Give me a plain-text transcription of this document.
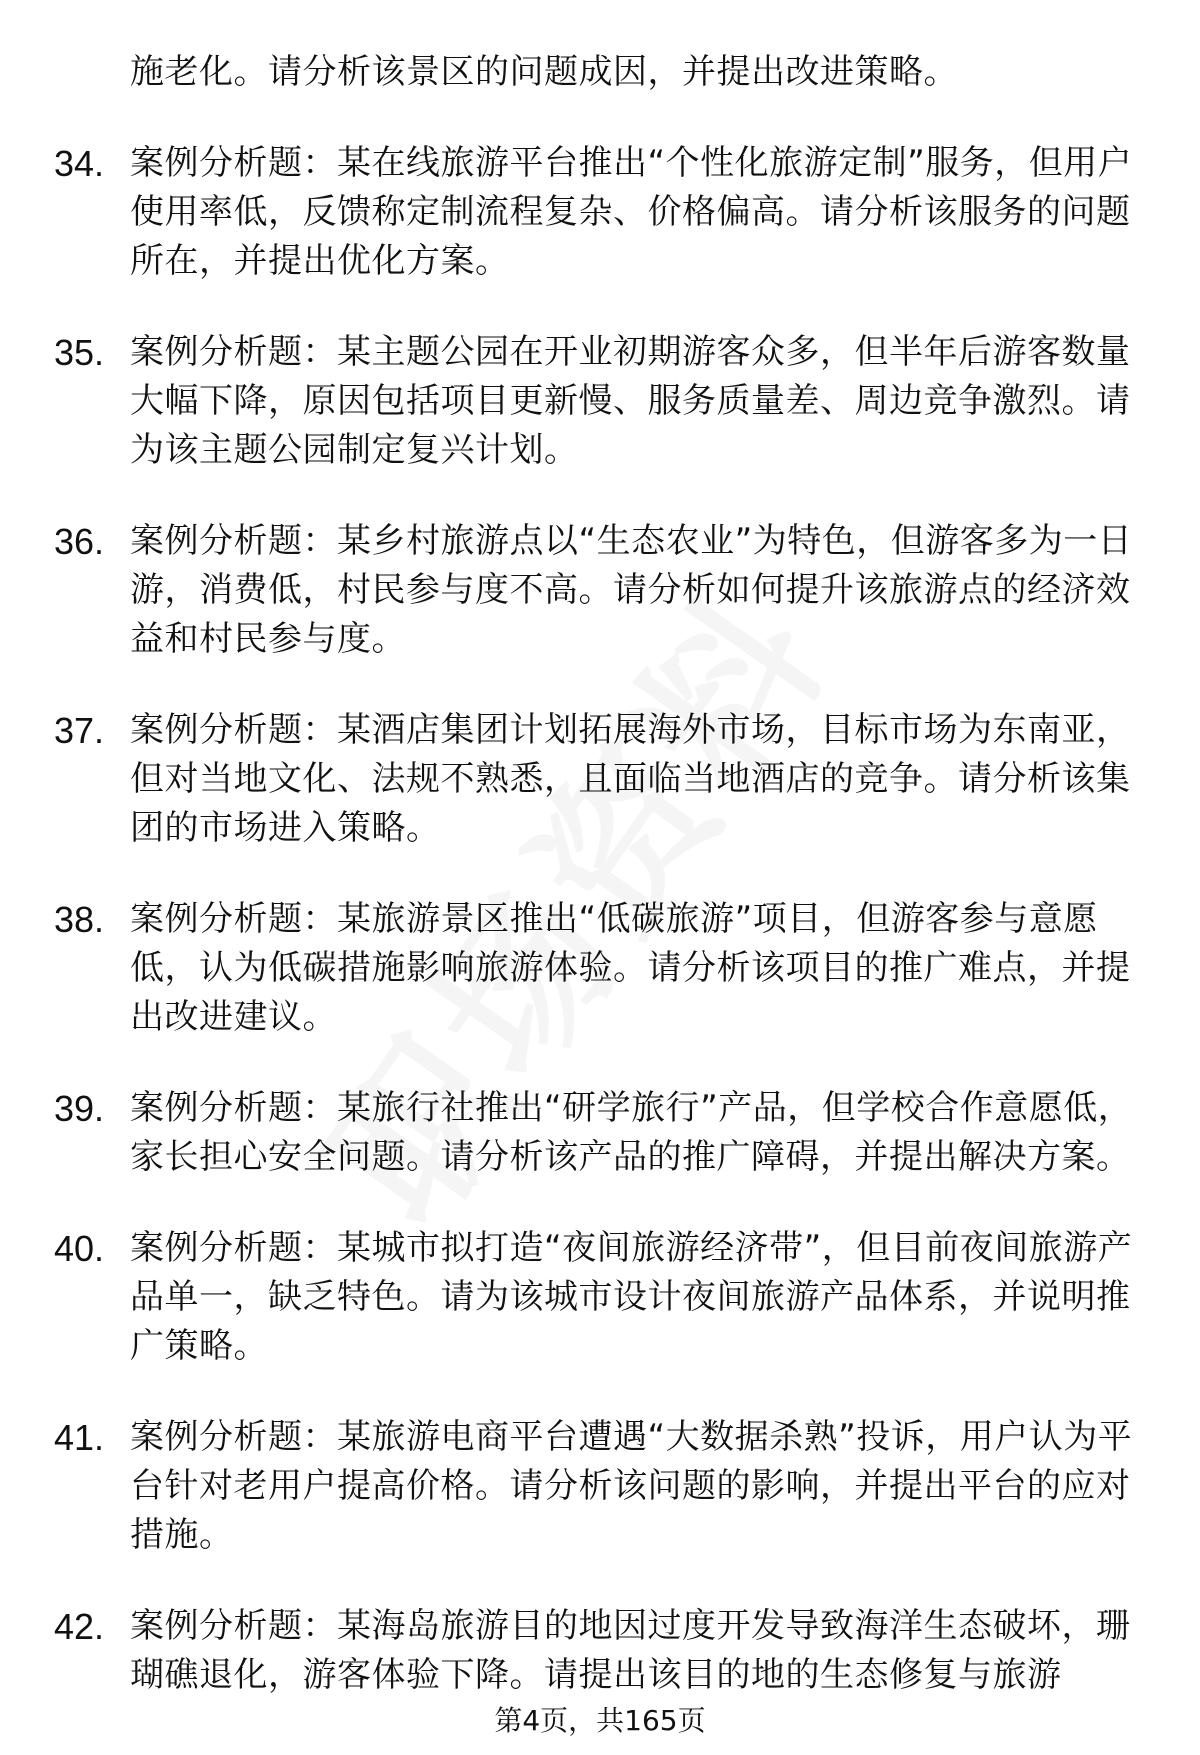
施老化。请分析该景区的问题成因，并提出改进策略。
34. 案例分析题：某在线旅游平台推出“个性化旅游定制”服务，但用户使用率低，反馈称定制流程复杂、价格偏高。请分析该服务的问题所在，并提出优化方案。
35. 案例分析题：某主题公园在开业初期游客众多，但半年后游客数量大幅下降，原因包括项目更新慢、服务质量差、周边竞争激烈。请为该主题公园制定复兴计划。
36. 案例分析题：某乡村旅游点以“生态农业”为特色，但游客多为一日游，消费低，村民参与度不高。请分析如何提升该旅游点的经济效益和村民参与度。
37. 案例分析题：某酒店集团计划拓展海外市场，目标市场为东南亚，但对当地文化、法规不熟悉，且面临当地酒店的竞争。请分析该集团的市场进入策略。
38. 案例分析题：某旅游景区推出“低碳旅游”项目，但游客参与意愿低，认为低碳措施影响旅游体验。请分析该项目的推广难点，并提出改进建议。
39. 案例分析题：某旅行社推出“研学旅行”产品，但学校合作意愿低，家长担心安全问题。请分析该产品的推广障碍，并提出解决方案。
40. 案例分析题：某城市拟打造“夜间旅游经济带”，但目前夜间旅游产品单一，缺乏特色。请为该城市设计夜间旅游产品体系，并说明推广策略。
41. 案例分析题：某旅游电商平台遭遇“大数据杀熟”投诉，用户认为平台针对老用户提高价格。请分析该问题的影响，并提出平台的应对措施。
42. 案例分析题：某海岛旅游目的地因过度开发导致海洋生态破坏，珊瑚礁退化，游客体验下降。请提出该目的地的生态修复与旅游
第4页，共165页
